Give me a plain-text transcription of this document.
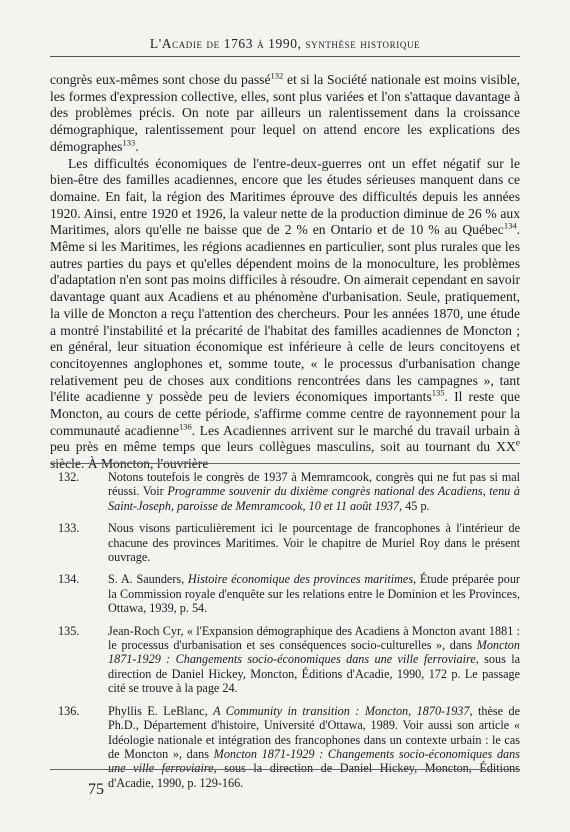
L'Acadie de 1763 à 1990, synthèse historique

congrès eux-mêmes sont chose du passé$^{132}$ et si la Société nationale est moins visible, les formes d'expression collective, elles, sont plus variées et l'on s'attaque davantage à des problèmes précis. On note par ailleurs un ralentissement dans la croissance démographique, ralentissement pour lequel on attend encore les explications des démographes$^{133}$.

Les difficultés économiques de l'entre-deux-guerres ont un effet négatif sur le bien-être des familles acadiennes, encore que les études sérieuses manquent dans ce domaine. En fait, la région des Maritimes éprouve des difficultés depuis les années 1920. Ainsi, entre 1920 et 1926, la valeur nette de la production diminue de 26 % aux Maritimes, alors qu'elle ne baisse que de 2 % en Ontario et de 10 % au Québec$^{134}$. Même si les Maritimes, les régions acadiennes en particulier, sont plus rurales que les autres parties du pays et qu'elles dépendent moins de la monoculture, les problèmes d'adaptation n'en sont pas moins difficiles à résoudre. On aimerait cependant en savoir davantage quant aux Acadiens et au phénomène d'urbanisation. Seule, pratiquement, la ville de Moncton a reçu l'attention des chercheurs. Pour les années 1870, une étude a montré l'instabilité et la précarité de l'habitat des familles acadiennes de Moncton ; en général, leur situation économique est inférieure à celle de leurs concitoyens et concitoyennes anglophones et, somme toute, « le processus d'urbanisation change relativement peu de choses aux conditions rencontrées dans les campagnes », tant l'élite acadienne y possède peu de leviers économiques importants$^{135}$. Il reste que Moncton, au cours de cette période, s'affirme comme centre de rayonnement pour la communauté acadienne$^{136}$. Les Acadiennes arrivent sur le marché du travail urbain à peu près en même temps que leurs collègues masculins, soit au tournant du XXe siècle. À Moncton, l'ouvrière

132.	Notons toutefois le congrès de 1937 à Memramcook, congrès qui ne fut pas si mal réussi. Voir Programme souvenir du dixième congrès national des Acadiens, tenu à Saint-Joseph, paroisse de Memramcook, 10 et 11 août 1937, 45 p.
133.	Nous visons particulièrement ici le pourcentage de francophones à l'intérieur de chacune des provinces Maritimes. Voir le chapitre de Muriel Roy dans le présent ouvrage.
134.	S. A. Saunders, Histoire économique des provinces maritimes, Étude préparée pour la Commission royale d'enquête sur les relations entre le Dominion et les Provinces, Ottawa, 1939, p. 54.
135.	Jean-Roch Cyr, « l'Expansion démographique des Acadiens à Moncton avant 1881 : le processus d'urbanisation et ses conséquences socio-culturelles », dans Moncton 1871-1929 : Changements socio-économiques dans une ville ferroviaire, sous la direction de Daniel Hickey, Moncton, Éditions d'Acadie, 1990, 172 p. Le passage cité se trouve à la page 24.
136.	Phyllis E. LeBlanc, A Community in transition : Moncton, 1870-1937, thèse de Ph.D., Département d'histoire, Université d'Ottawa, 1989. Voir aussi son article « Idéologie nationale et intégration des francophones dans un contexte urbain : le cas de Moncton », dans Moncton 1871-1929 : Changements socio-économiques dans une ville ferroviaire, sous la direction de Daniel Hickey, Moncton, Éditions d'Acadie, 1990, p. 129-166.
75
